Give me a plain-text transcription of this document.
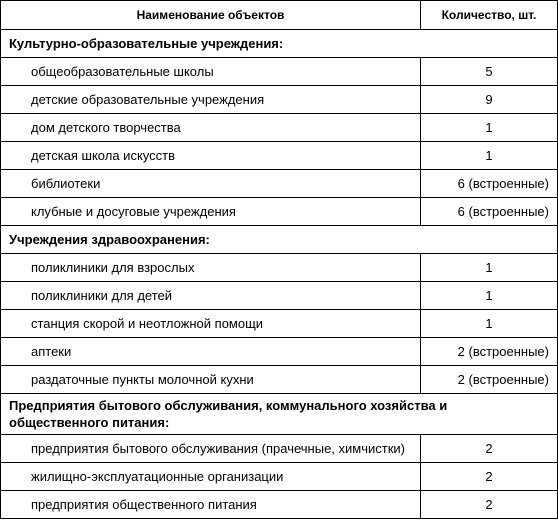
Наименование объектов	Количество, шт.
Культурно-образовательные учреждения:	
общеобразовательные школы	5
детские образовательные учреждения	9
дом детского творчества	1
детская школа искусств	1
библиотеки	6 (встроенные)
клубные и досуговые учреждения	6 (встроенные)
Учреждения здравоохранения:	
поликлиники для взрослых	1
поликлиники для детей	1
станция скорой и неотложной помощи	1
аптеки	2 (встроенные)
раздаточные пункты молочной кухни	2 (встроенные)
Предприятия бытового обслуживания, коммунального хозяйства и общественного питания:	
предприятия бытового обслуживания (прачечные, химчистки)	2
жилищно-эксплуатационные организации	2
предприятия общественного питания	2
